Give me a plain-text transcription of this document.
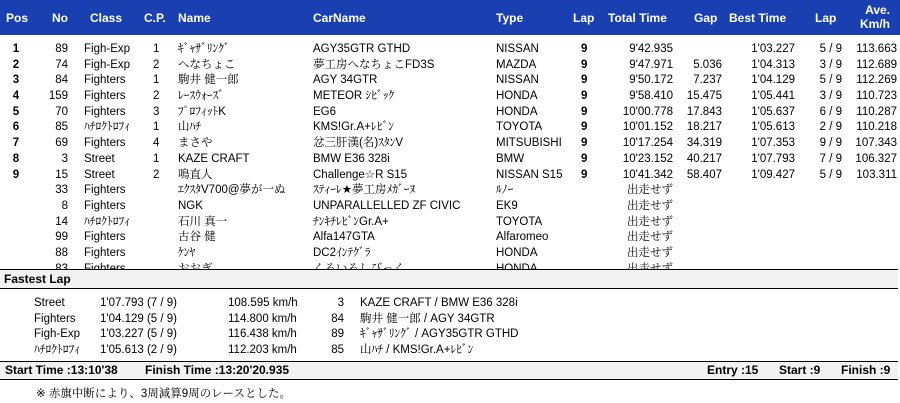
Pos No Class C.P. Name	CarName	Type	Lap Total Time Gap Best Time Lap
Ave.
Km/h
1	89 Figh-Exp	1	ｷﾞｬｻﾞﾘﾝｸﾞ	AGY35GTR GTHD	NISSAN	9	9'42.935	1'03.227	5 / 9	113.663
2	74 Figh-Exp	2	へなちょこ	夢工房へなちょこFD3S	MAZDA	9	9'47.971	5.036	1'04.313	3 / 9	112.689
3	84 Fighters	1	駒井 健一郎	AGY 34GTR	NISSAN	9	9'50.172	7.237	1'04.129	5 / 9	112.269
4	159 Fighters	2	ﾚｰｽｳｫｰｽﾞ	METEOR ｼﾋﾞｯｸ	HONDA	9	9'58.410	15.475	1'05.441	3 / 9	110.723
5	70 Fighters	3	ﾌﾟﾛﾌｨｯﾄK	EG6	HONDA	9	10'00.778	17.843	1'05.637	6 / 9	110.287
6	85 ﾊﾁﾛｸﾄﾛﾌｨ	1	山ﾊﾁ	KMS!Gr.A+ﾚﾋﾞﾝ	TOYOTA	9	10'01.152	18.217	1'05.613	2 / 9	110.218
7	69 Fighters	4	まさや	忿三肝漢(名)ｽﾀﾝV	MITSUBISHI	9	10'17.254	34.319	1'07.353	9 / 9	107.343
8	3 Street	1	KAZE CRAFT	BMW E36 328i	BMW	9	10'23.152	40.217	1'07.793	7 / 9	106.327
9	15 Street	2	鳴直人	Challenge☆R S15	NISSAN S15	9	10'41.342	58.407	1'09.427	5 / 9	103.311
33 Fighters	ｴｸｽﾀV700@夢が一ぬ	ｽﾃｨｰﾚ★夢工房ﾒｶﾞｰﾇ	ﾙﾉｰ	出走せず
8 Fighters	NGK	UNPARALLELLED ZF CIVIC	EK9	出走せず
14 ﾊﾁﾛｸﾄﾛﾌｨ	石川 真一	ﾁﾝｷﾁﾚﾋﾞﾝGr.A+	TOYOTA	出走せず
99 Fighters	古谷 健	Alfa147GTA	Alfaromeo	出走せず
88 Fighters	ｹﾝﾔ	DC2ｲﾝﾃｸﾞﾗ	HONDA	出走せず
Fastest Lap
Street	1'07.793 (7 / 9)	108.595 km/h	3 KAZE CRAFT / BMW E36 328i
Fighters	1'04.129 (5 / 9)	114.800 km/h	84 駒井 健一郎 / AGY 34GTR
Figh-Exp	1'03.227 (5 / 9)	116.438 km/h	89 ｷﾞｬｻﾞﾘﾝｸﾞ / AGY35GTR GTHD
ﾊﾁﾛｸﾄﾛﾌｨ	1'05.613 (2 / 9)	112.203 km/h	85 山ﾊﾁ / KMS!Gr.A+ﾚﾋﾞﾝ
Start Time :13:10'38 Finish Time :13:20'20.935	Entry :15 Start :9 Finish :9
※ 赤旗中断により、3周減算9周のレースとした。
